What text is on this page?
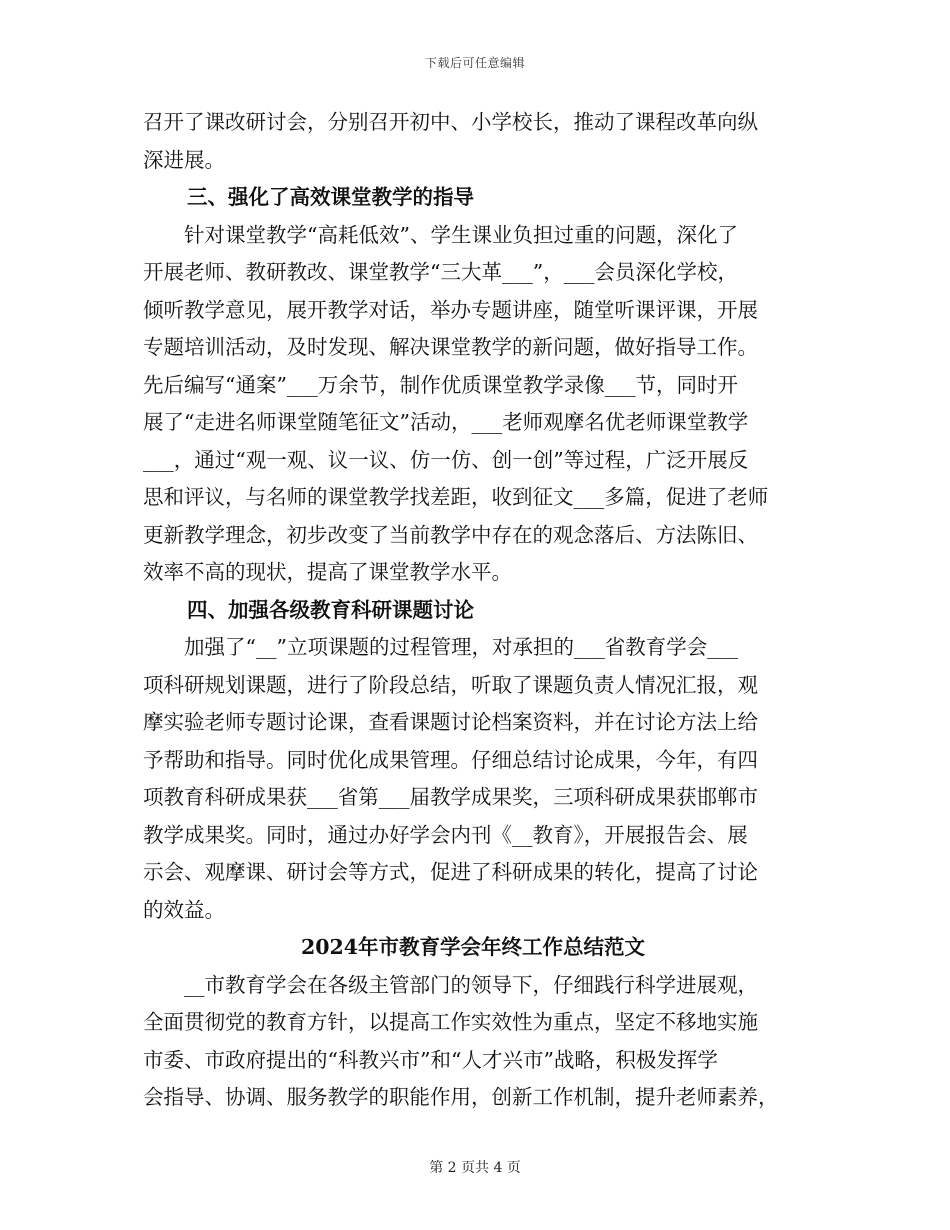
下载后可任意编辑
召开了课改研讨会，分别召开初中、小学校长，推动了课程改革向纵
深进展。
三、强化了高效课堂教学的指导
　　针对课堂教学“高耗低效”、学生课业负担过重的问题，深化了
开展老师、教研教改、课堂教学“三大革___”，___会员深化学校，
倾听教学意见，展开教学对话，举办专题讲座，随堂听课评课，开展
专题培训活动，及时发现、解决课堂教学的新问题，做好指导工作。
先后编写“通案”___万余节，制作优质课堂教学录像___节，同时开
展了“走进名师课堂随笔征文”活动，___老师观摩名优老师课堂教学
___，通过“观一观、议一议、仿一仿、创一创”等过程，广泛开展反
思和评议，与名师的课堂教学找差距，收到征文___多篇，促进了老师
更新教学理念，初步改变了当前教学中存在的观念落后、方法陈旧、
效率不高的现状，提高了课堂教学水平。
四、加强各级教育科研课题讨论
　　加强了“__”立项课题的过程管理，对承担的___省教育学会___
项科研规划课题，进行了阶段总结，听取了课题负责人情况汇报，观
摩实验老师专题讨论课，查看课题讨论档案资料，并在讨论方法上给
予帮助和指导。同时优化成果管理。仔细总结讨论成果，今年，有四
项教育科研成果获___省第___届教学成果奖，三项科研成果获邯郸市
教学成果奖。同时，通过办好学会内刊《__教育》，开展报告会、展
示会、观摩课、研讨会等方式，促进了科研成果的转化，提高了讨论
的效益。
2024年市教育学会年终工作总结范文
　　__市教育学会在各级主管部门的领导下，仔细践行科学进展观，
全面贯彻党的教育方针，以提高工作实效性为重点，坚定不移地实施
市委、市政府提出的“科教兴市”和“人才兴市”战略，积极发挥学
会指导、协调、服务教学的职能作用，创新工作机制，提升老师素养，
第 2 页共 4 页
